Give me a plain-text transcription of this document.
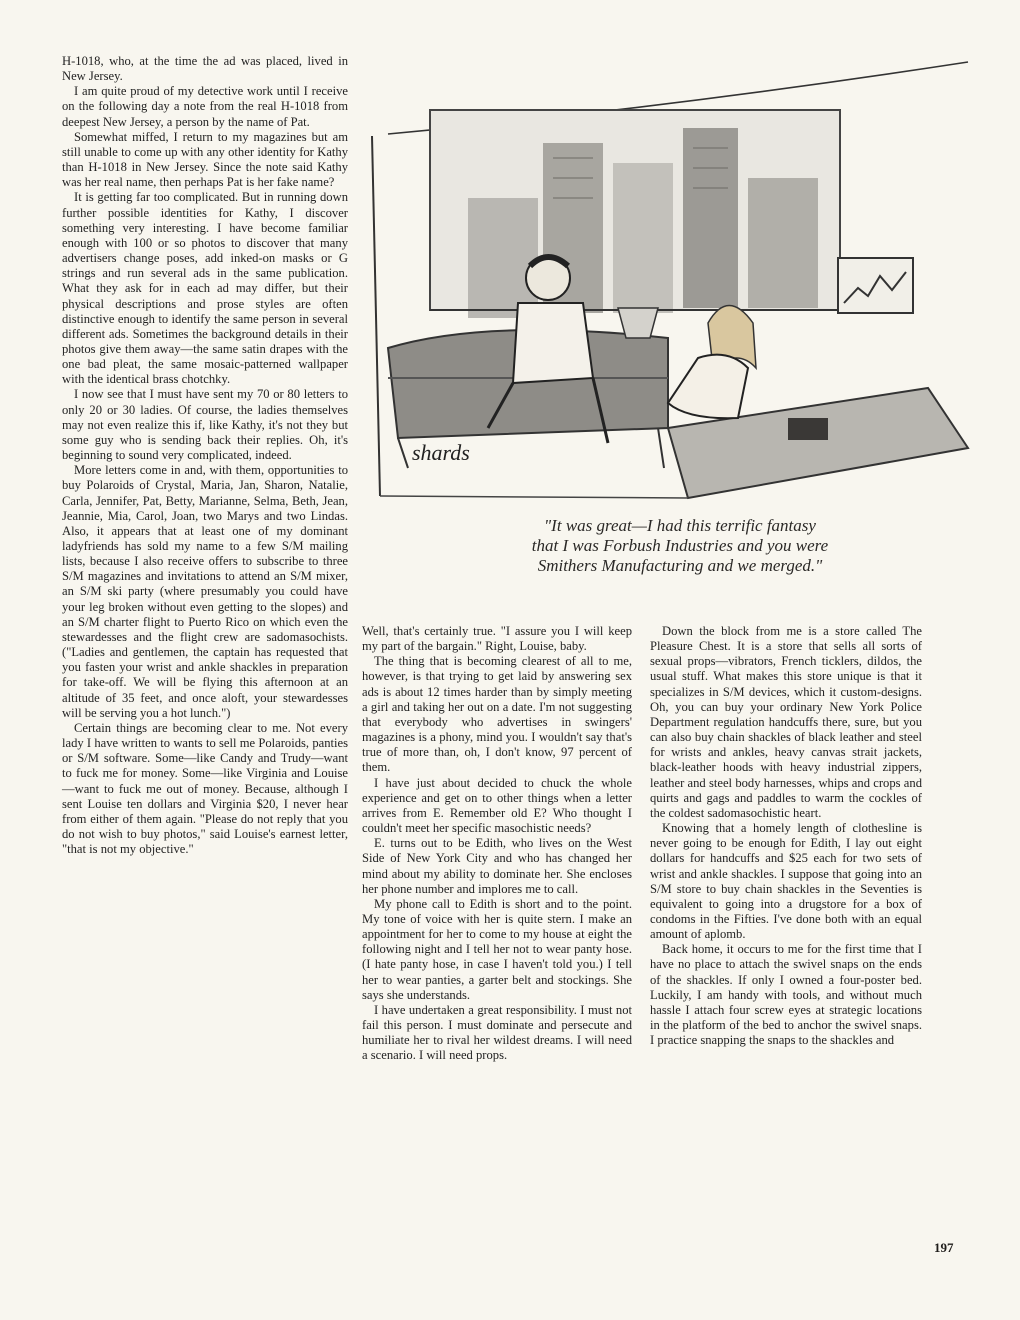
H-1018, who, at the time the ad was placed, lived in New Jersey.

I am quite proud of my detective work until I receive on the following day a note from the real H-1018 from deepest New Jersey, a person by the name of Pat.

Somewhat miffed, I return to my magazines but am still unable to come up with any other identity for Kathy than H-1018 in New Jersey. Since the note said Kathy was her real name, then perhaps Pat is her fake name?

It is getting far too complicated. But in running down further possible identities for Kathy, I discover something very interesting. I have become familiar enough with 100 or so photos to discover that many advertisers change poses, add inked-on masks or G strings and run several ads in the same publication. What they ask for in each ad may differ, but their physical descriptions and prose styles are often distinctive enough to identify the same person in several different ads. Sometimes the background details in their photos give them away—the same satin drapes with the one bad pleat, the same mosaic-patterned wallpaper with the identical brass chotchky.

I now see that I must have sent my 70 or 80 letters to only 20 or 30 ladies. Of course, the ladies themselves may not even realize this if, like Kathy, it's not they but some guy who is sending back their replies. Oh, it's beginning to sound very complicated, indeed.

More letters come in and, with them, opportunities to buy Polaroids of Crystal, Maria, Jan, Sharon, Natalie, Carla, Jennifer, Pat, Betty, Marianne, Selma, Beth, Jean, Jeannie, Mia, Carol, Joan, two Marys and two Lindas. Also, it appears that at least one of my dominant ladyfriends has sold my name to a few S/M mailing lists, because I also receive offers to subscribe to three S/M magazines and invitations to attend an S/M mixer, an S/M ski party (where presumably you could have your leg broken without even getting to the slopes) and an S/M charter flight to Puerto Rico on which even the stewardesses and the flight crew are sadomasochists. ("Ladies and gentlemen, the captain has requested that you fasten your wrist and ankle shackles in preparation for take-off. We will be flying this afternoon at an altitude of 35 feet, and once aloft, your stewardesses will be serving you a hot lunch.")

Certain things are becoming clear to me. Not every lady I have written to wants to sell me Polaroids, panties or S/M software. Some—like Candy and Trudy—want to fuck me for money. Some—like Virginia and Louise—want to fuck me out of money. Because, although I sent Louise ten dollars and Virginia $20, I never hear from either of them again. "Please do not reply that you do not wish to buy photos," said Louise's earnest letter, "that is not my objective."

shards
"It was great—I had this terrific fantasy
that I was Forbush Industries and you were
Smithers Manufacturing and we merged."

Well, that's certainly true. "I assure you I will keep my part of the bargain." Right, Louise, baby.

The thing that is becoming clearest of all to me, however, is that trying to get laid by answering sex ads is about 12 times harder than by simply meeting a girl and taking her out on a date. I'm not suggesting that everybody who advertises in swingers' magazines is a phony, mind you. I wouldn't say that's true of more than, oh, I don't know, 97 percent of them.

I have just about decided to chuck the whole experience and get on to other things when a letter arrives from E. Remember old E? Who thought I couldn't meet her specific masochistic needs?

E. turns out to be Edith, who lives on the West Side of New York City and who has changed her mind about my ability to dominate her. She encloses her phone number and implores me to call.

My phone call to Edith is short and to the point. My tone of voice with her is quite stern. I make an appointment for her to come to my house at eight the following night and I tell her not to wear panty hose. (I hate panty hose, in case I haven't told you.) I tell her to wear panties, a garter belt and stockings. She says she understands.

I have undertaken a great responsibility. I must not fail this person. I must dominate and persecute and humiliate her to rival her wildest dreams. I will need a scenario. I will need props.

Down the block from me is a store called The Pleasure Chest. It is a store that sells all sorts of sexual props—vibrators, French ticklers, dildos, the usual stuff. What makes this store unique is that it specializes in S/M devices, which it custom-designs. Oh, you can buy your ordinary New York Police Department regulation handcuffs there, sure, but you can also buy chain shackles of black leather and steel for wrists and ankles, heavy canvas strait jackets, black-leather hoods with heavy industrial zippers, leather and steel body harnesses, whips and crops and quirts and gags and paddles to warm the cockles of the coldest sadomasochistic heart.

Knowing that a homely length of clothesline is never going to be enough for Edith, I lay out eight dollars for handcuffs and $25 each for two sets of wrist and ankle shackles. I suppose that going into an S/M store to buy chain shackles in the Seventies is equivalent to going into a drugstore for a box of condoms in the Fifties. I've done both with an equal amount of aplomb.

Back home, it occurs to me for the first time that I have no place to attach the swivel snaps on the ends of the shackles. If only I owned a four-poster bed. Luckily, I am handy with tools, and without much hassle I attach four screw eyes at strategic locations in the platform of the bed to anchor the swivel snaps. I practice snapping the snaps to the shackles and

197
